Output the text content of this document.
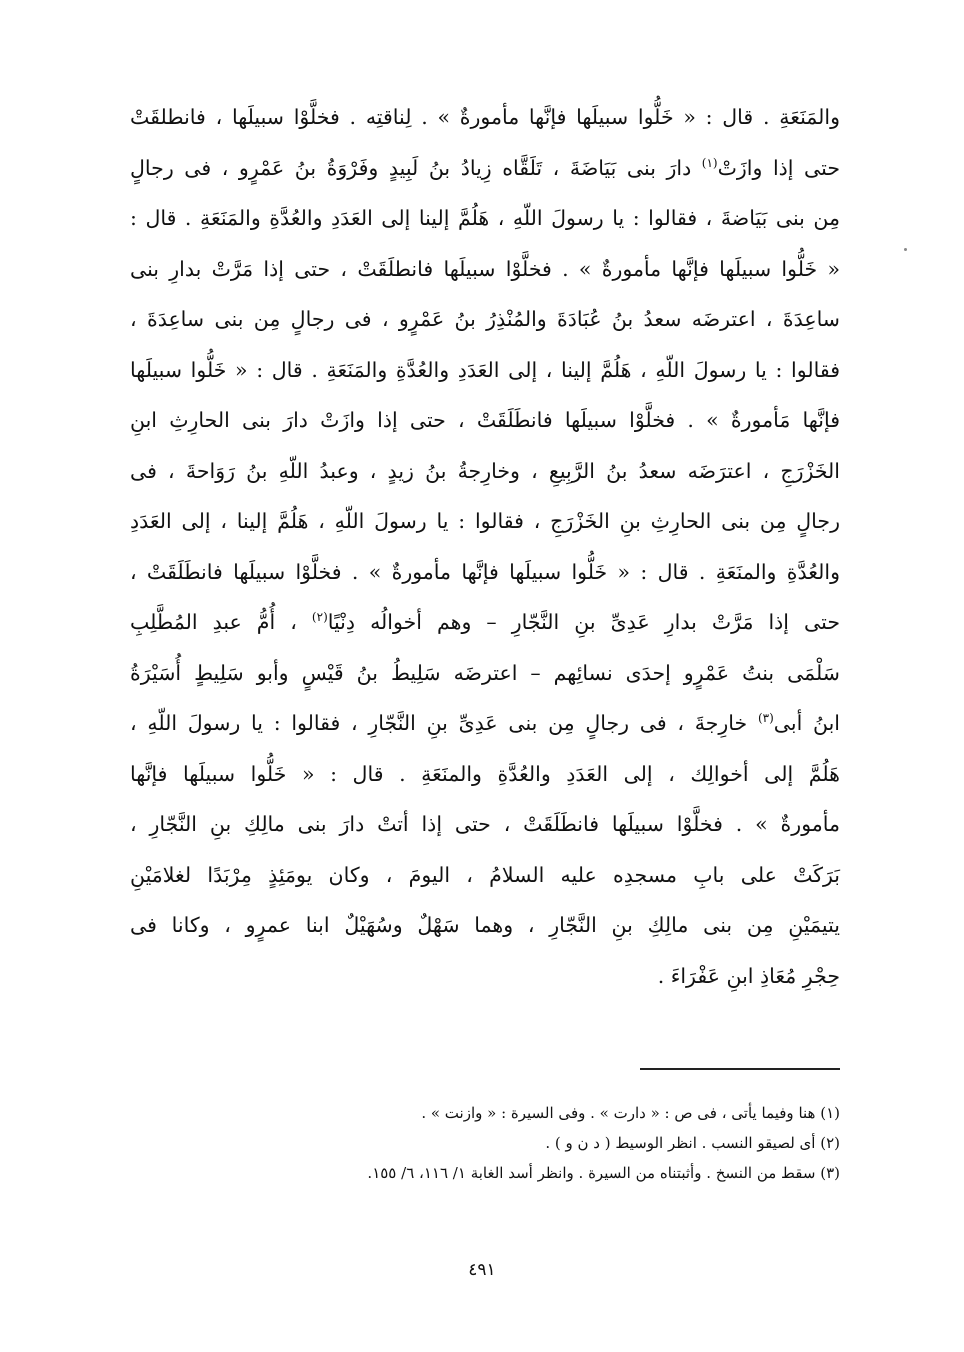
والمَنَعَةِ . قال : « خَلُّوا سبيلَها فإنَّها مأمورةٌ » . لِناقتِه . فخلَّوْا سبيلَها ، فانطلقَتْ
حتى إذا وازَتْ$^{(١)}$ دارَ بنى بَيَاضَةَ ، تَلَقَّاه زِيادُ بنُ لَبِيدٍ وفَرْوَةُ بنُ عَمْرٍو ، فى رجالٍ
مِن بنى بَيَاضةَ ، فقالوا : يا رسولَ اللّهِ ، هَلُمَّ إلينا إلى العَدَدِ والعُدَّةِ والمَنَعَةِ . قال :
« خَلُّوا سبيلَها فإنَّها مأمورةٌ » . فخلَّوْا سبيلَها فانطلَقَتْ ، حتى إذا مَرَّتْ بدارِ بنى
ساعِدَةَ ، اعترضَه سعدُ بنُ عُبَادَةَ والمُنْذِرُ بنُ عَمْرٍو ، فى رجالٍ مِن بنى ساعِدَةَ ،
فقالوا : يا رسولَ اللّهِ ، هَلُمَّ إلينا ، إلى العَدَدِ والعُدَّةِ والمَنَعَةِ . قال : « خَلُّوا سبيلَها
فإنَّها مَأمورةٌ » . فخلَّوْا سبيلَها فانطَلَقَتْ ، حتى إذا وازَتْ دارَ بنى الحارِثِ ابنِ
الخَزْرَجِ ، اعترَضَه سعدُ بنُ الرَّبِيعِ ، وخارِجةُ بنُ زيدٍ ، وعبدُ اللّهِ بنُ رَوَاحةَ ، فى
رجالٍ مِن بنى الحارِثِ بنِ الخَزْرَجِ ، فقالوا : يا رسولَ اللّهِ ، هَلُمَّ إلينا ، إلى العَدَدِ
والعُدَّةِ والمنَعَةِ . قال : « خَلُّوا سبيلَها فإنَّها مأمورةٌ » . فخلَّوْا سبيلَها فانطَلَقَتْ ،
حتى إذا مَرَّتْ بدارِ عَدِىِّ بنِ النَّجّارِ – وهم أخوالُه دِنْيًا$^{(٢)}$ ، أُمُّ عبدِ المُطَّلِبِ
سَلْمَى بنتُ عَمْرٍو إحدَى نسائِهم – اعترضَه سَلِيطُ بنُ قَيْسٍ وأبو سَلِيطٍ أُسَيْرَةُ
ابنُ أبى$^{(٣)}$ خارِجةَ ، فى رجالٍ مِن بنى عَدِىِّ بنِ النَّجّارِ ، فقالوا : يا رسولَ اللّهِ ،
هَلُمَّ إلى أخوالِك ، إلى العَدَدِ والعُدَّةِ والمنَعَةِ . قال : « خَلُّوا سبيلَها فإنَّها
مأمورةٌ » . فخلَّوْا سبيلَها فانطَلَقَتْ ، حتى إذا أتتْ دارَ بنى مالِكِ بنِ النَّجّارِ ،
بَرَكَتْ على بابِ مسجدِه عليه السلامُ ، اليومَ ، وكان يومَئِذٍ مِرْبَدًا لغلامَيْنِ
يتيمَيْنِ مِن بنى مالِكِ بنِ النَّجّارِ ، وهما سَهْلٌ وسُهَيْلٌ ابنا عمرٍو ، وكانا فى
حِجْرِ مُعَاذِ ابنِ عَفْرَاءَ .
(١) هنا وفيما يأتى ، فى ص : « دارت » . وفى السيرة : « وازنت » .
(٢) أى لصيقو النسب . انظر الوسيط ( د ن و ) .
(٣) سقط من النسخ . وأثبتناه من السيرة . وانظر أسد الغابة ١/ ١١٦، ٦/ ١٥٥.
٤٩١
